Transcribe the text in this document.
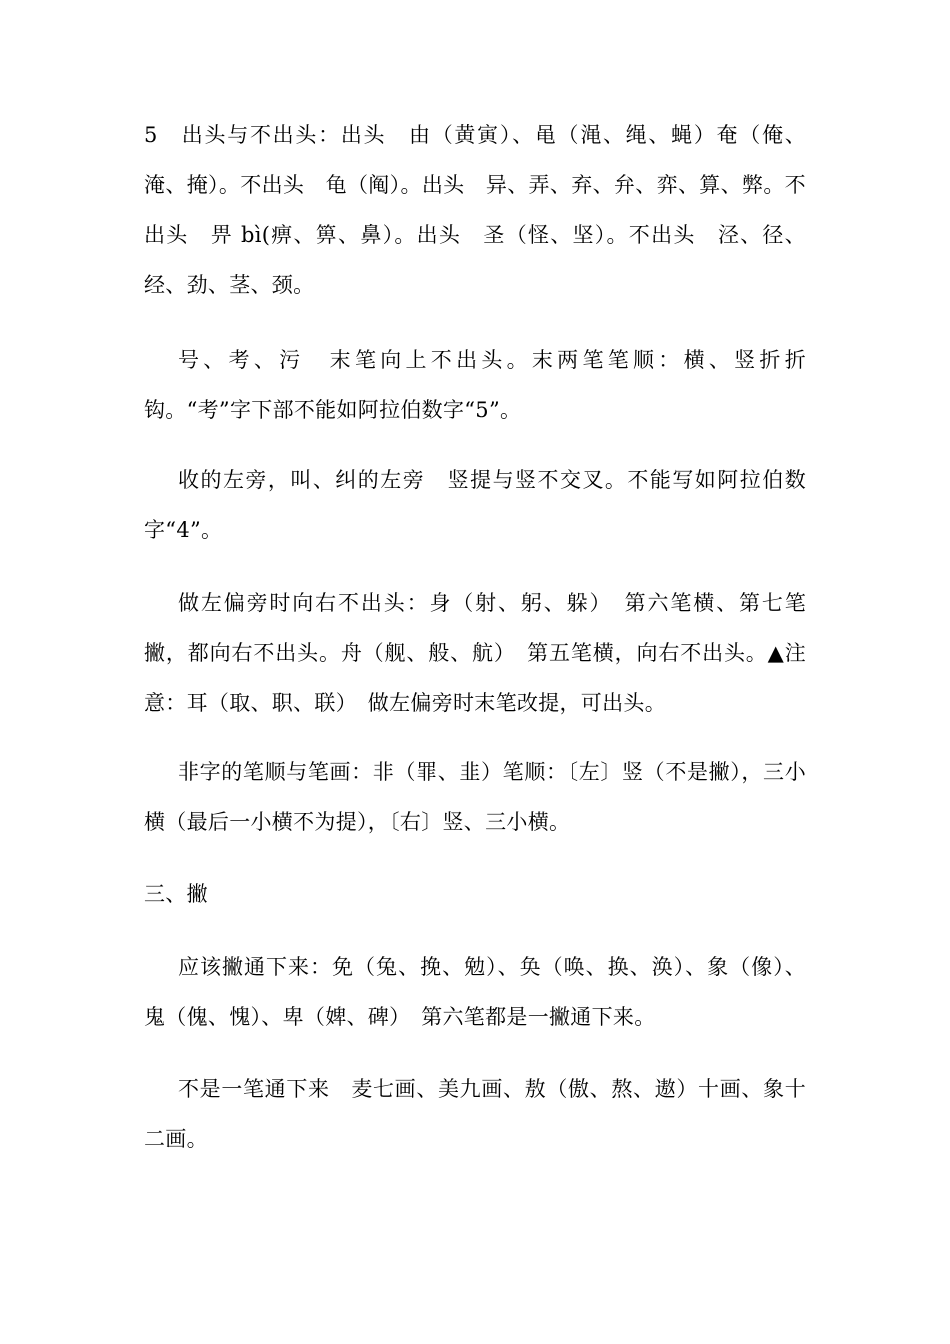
5　出头与不出头：出头　由（黄寅）、黾（渑、绳、蝇）奄（俺、淹、掩）。不出头　龟（阄）。出头　异、弄、弃、弁、弈、算、弊。不出头　畀 bì(痹、箅、鼻）。出头　圣（怪、坚）。不出头　泾、径、经、劲、茎、颈。

号、考、污　末笔向上不出头。末两笔笔顺：横、竖折折钩。“考”字下部不能如阿拉伯数字“5”。

收的左旁，叫、纠的左旁　竖提与竖不交叉。不能写如阿拉伯数字“4”。

做左偏旁时向右不出头：身（射、躬、躲）　第六笔横、第七笔撇，都向右不出头。舟（舰、般、航）　第五笔横，向右不出头。▲注意：耳（取、职、联）　做左偏旁时末笔改提，可出头。

非字的笔顺与笔画：非（罪、韭）笔顺：〔左〕竖（不是撇），三小横（最后一小横不为提），〔右〕竖、三小横。

三、撇

应该撇通下来：免（兔、挽、勉）、奂（唤、换、涣）、象（像）、鬼（傀、愧）、卑（婢、碑）　第六笔都是一撇通下来。

不是一笔通下来　麦七画、美九画、敖（傲、熬、遨）十画、象十二画。
